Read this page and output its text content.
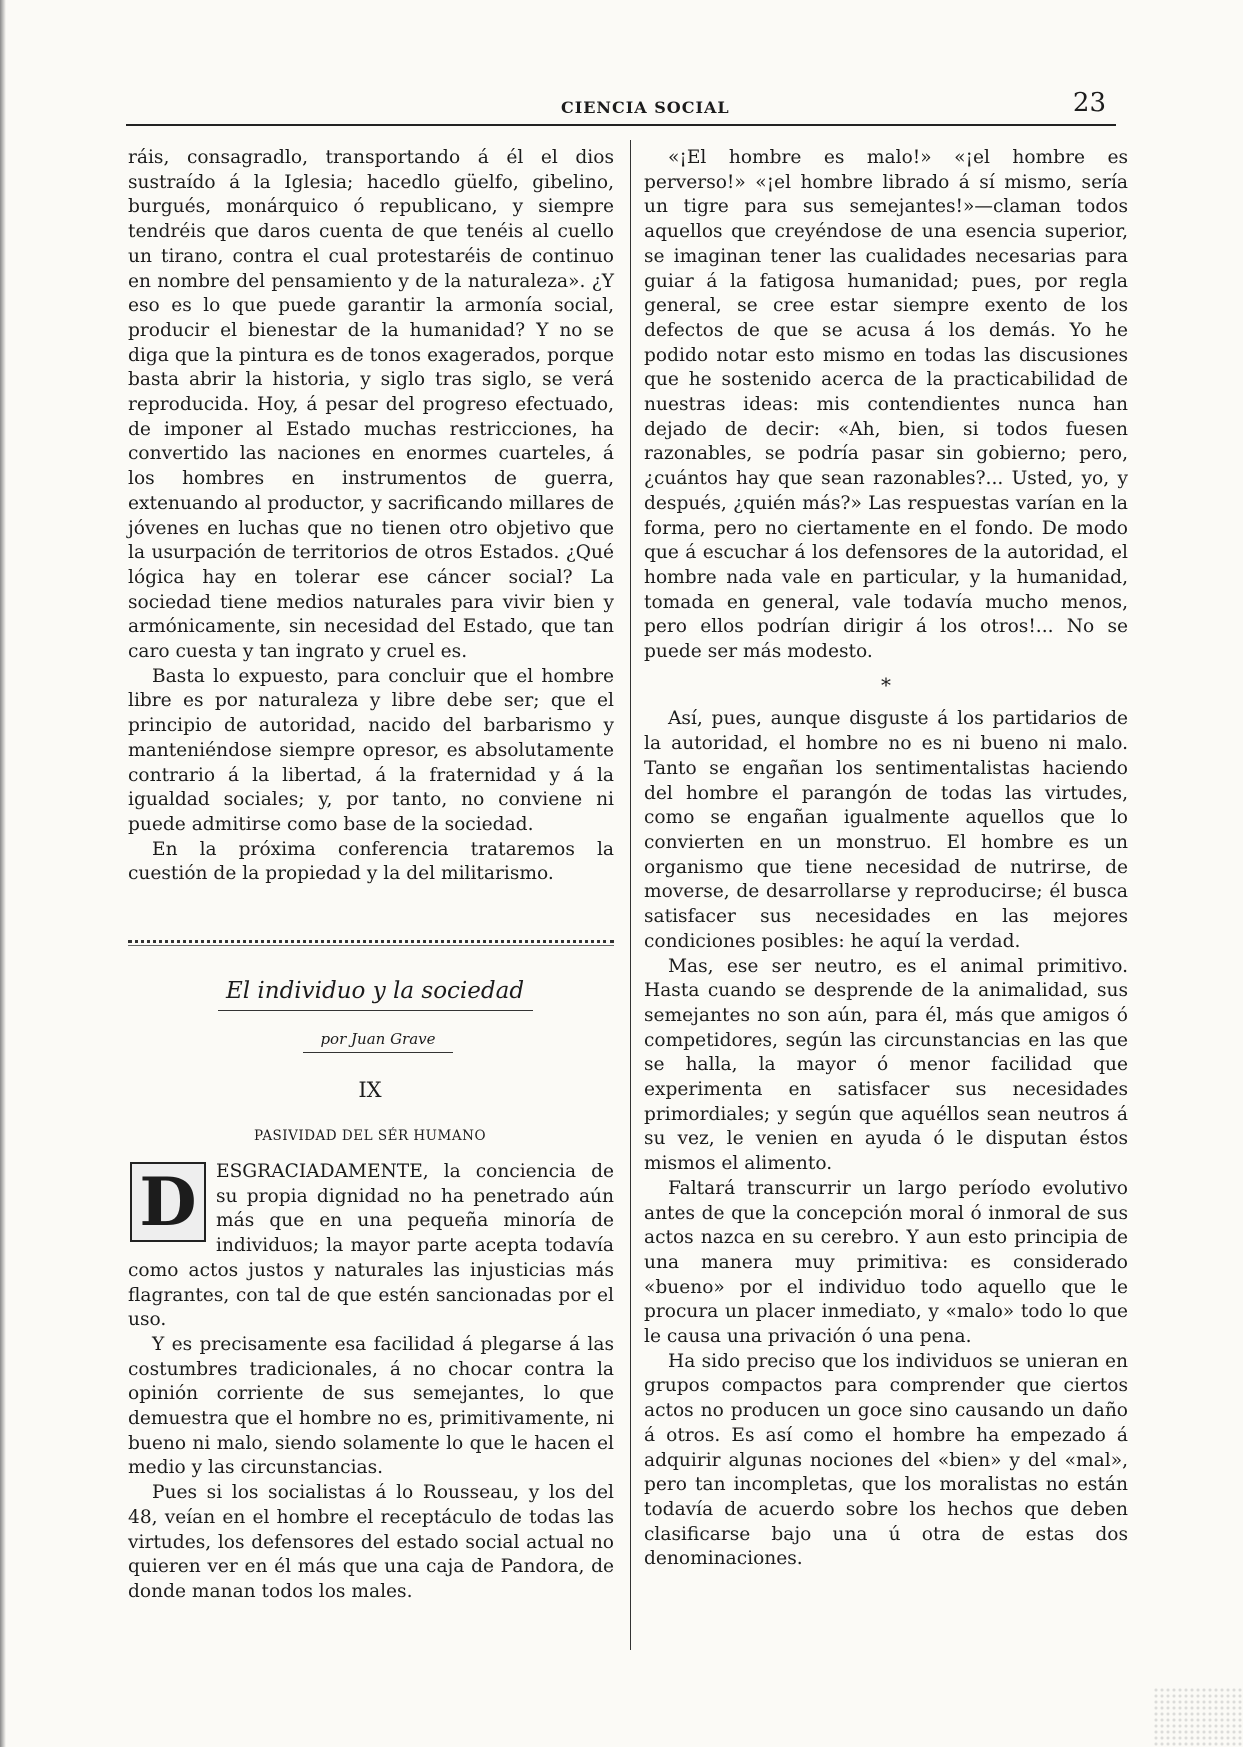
CIENCIA SOCIAL	23

ráis, consagradlo, transportando á él el dios sustraído á la Iglesia; hacedlo güelfo, gibelino, burgués, monárquico ó republicano, y siempre tendréis que daros cuenta de que tenéis al cuello un tirano, contra el cual protestaréis de continuo en nombre del pensamiento y de la naturaleza». ¿Y eso es lo que puede garantir la armonía social, producir el bienestar de la humanidad? Y no se diga que la pintura es de tonos exagerados, porque basta abrir la historia, y siglo tras siglo, se verá reproducida. Hoy, á pesar del progreso efectuado, de imponer al Estado muchas restricciones, ha convertido las naciones en enormes cuarteles, á los hombres en instrumentos de guerra, extenuando al productor, y sacrificando millares de jóvenes en luchas que no tienen otro objetivo que la usurpación de territorios de otros Estados. ¿Qué lógica hay en tolerar ese cáncer social? La sociedad tiene medios naturales para vivir bien y armónicamente, sin necesidad del Estado, que tan caro cuesta y tan ingrato y cruel es.

Basta lo expuesto, para concluir que el hombre libre es por naturaleza y libre debe ser; que el principio de autoridad, nacido del barbarismo y manteniéndose siempre opresor, es absolutamente contrario á la libertad, á la fraternidad y á la igualdad sociales; y, por tanto, no conviene ni puede admitirse como base de la sociedad.

En la próxima conferencia trataremos la cuestión de la propiedad y la del militarismo.

El individuo y la sociedad
por Juan Grave
IX
PASIVIDAD DEL SÉR HUMANO

D	ESGRACIADAMENTE, la conciencia de su propia dignidad no ha penetrado aún más que en una pequeña minoría de individuos; la mayor parte acepta todavía como actos justos y naturales las injusticias más flagrantes, con tal de que estén sancionadas por el uso.

Y es precisamente esa facilidad á plegarse á las costumbres tradicionales, á no chocar contra la opinión corriente de sus semejantes, lo que demuestra que el hombre no es, primitivamente, ni bueno ni malo, siendo solamente lo que le hacen el medio y las circunstancias.

Pues si los socialistas á lo Rousseau, y los del 48, veían en el hombre el receptáculo de todas las virtudes, los defensores del estado social actual no quieren ver en él más que una caja de Pandora, de donde manan todos los males.

«¡El hombre es malo!» «¡el hombre es perverso!» «¡el hombre librado á sí mismo, sería un tigre para sus semejantes!»—claman todos aquellos que creyéndose de una esencia superior, se imaginan tener las cualidades necesarias para guiar á la fatigosa humanidad; pues, por regla general, se cree estar siempre exento de los defectos de que se acusa á los demás. Yo he podido notar esto mismo en todas las discusiones que he sostenido acerca de la practicabilidad de nuestras ideas: mis contendientes nunca han dejado de decir: «Ah, bien, si todos fuesen razonables, se podría pasar sin gobierno; pero, ¿cuántos hay que sean razonables?... Usted, yo, y después, ¿quién más?» Las respuestas varían en la forma, pero no ciertamente en el fondo. De modo que á escuchar á los defensores de la autoridad, el hombre nada vale en particular, y la humanidad, tomada en general, vale todavía mucho menos, pero ellos podrían dirigir á los otros!... No se puede ser más modesto.

*

Así, pues, aunque disguste á los partidarios de la autoridad, el hombre no es ni bueno ni malo. Tanto se engañan los sentimentalistas haciendo del hombre el parangón de todas las virtudes, como se engañan igualmente aquellos que lo convierten en un monstruo. El hombre es un organismo que tiene necesidad de nutrirse, de moverse, de desarrollarse y reproducirse; él busca satisfacer sus necesidades en las mejores condiciones posibles: he aquí la verdad.

Mas, ese ser neutro, es el animal primitivo. Hasta cuando se desprende de la animalidad, sus semejantes no son aún, para él, más que amigos ó competidores, según las circunstancias en las que se halla, la mayor ó menor facilidad que experimenta en satisfacer sus necesidades primordiales; y según que aquéllos sean neutros á su vez, le venien en ayuda ó le disputan éstos mismos el alimento.

Faltará transcurrir un largo período evolutivo antes de que la concepción moral ó inmoral de sus actos nazca en su cerebro. Y aun esto principia de una manera muy primitiva: es considerado «bueno» por el individuo todo aquello que le procura un placer inmediato, y «malo» todo lo que le causa una privación ó una pena.

Ha sido preciso que los individuos se unieran en grupos compactos para comprender que ciertos actos no producen un goce sino causando un daño á otros. Es así como el hombre ha empezado á adquirir algunas nociones del «bien» y del «mal», pero tan incompletas, que los moralistas no están todavía de acuerdo sobre los hechos que deben clasificarse bajo una ú otra de estas dos denominaciones.
